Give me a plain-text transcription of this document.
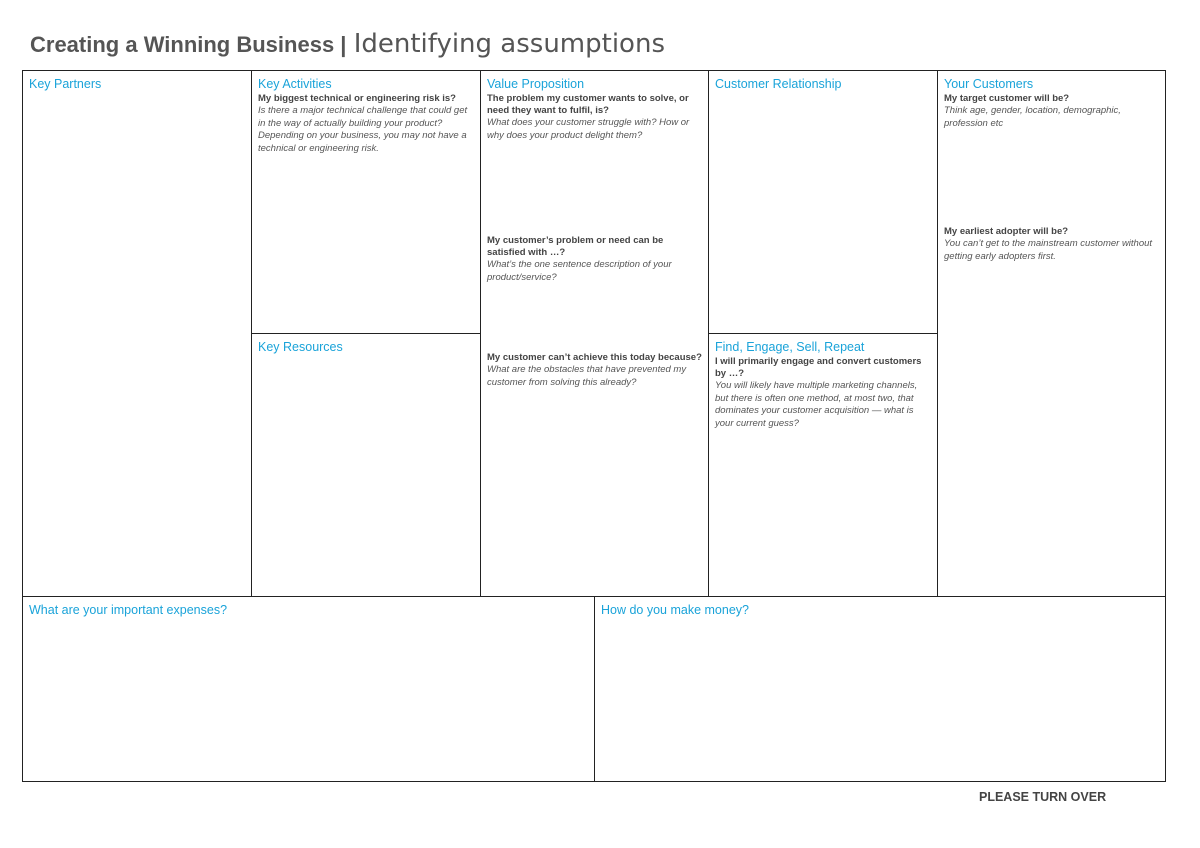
Creating a Winning Business | Identifying assumptions
Key Partners	Key Activities
My biggest technical or engineering risk is?
Is there a major technical challenge that could get in the way of actually building your product? Depending on your business, you may not have a technical or engineering risk.
Key Resources
Value Proposition
The problem my customer wants to solve, or need they want to fulfil, is?
What does your customer struggle with? How or why does your product delight them?
My customer’s problem or need can be satisfied with …?
What’s the one sentence description of your product/service?
My customer can’t achieve this today because?
What are the obstacles that have prevented my customer from solving this already?
Customer Relationship
Find, Engage, Sell, Repeat
I will primarily engage and convert customers by …?
You will likely have multiple marketing channels, but there is often one method, at most two, that dominates your customer acquisition — what is your current guess?
Your Customers
My target customer will be?
Think age, gender, location, demographic, profession etc
My earliest adopter will be?
You can’t get to the mainstream customer without getting early adopters first.
What are your important expenses?	How do you make money?
PLEASE TURN OVER
